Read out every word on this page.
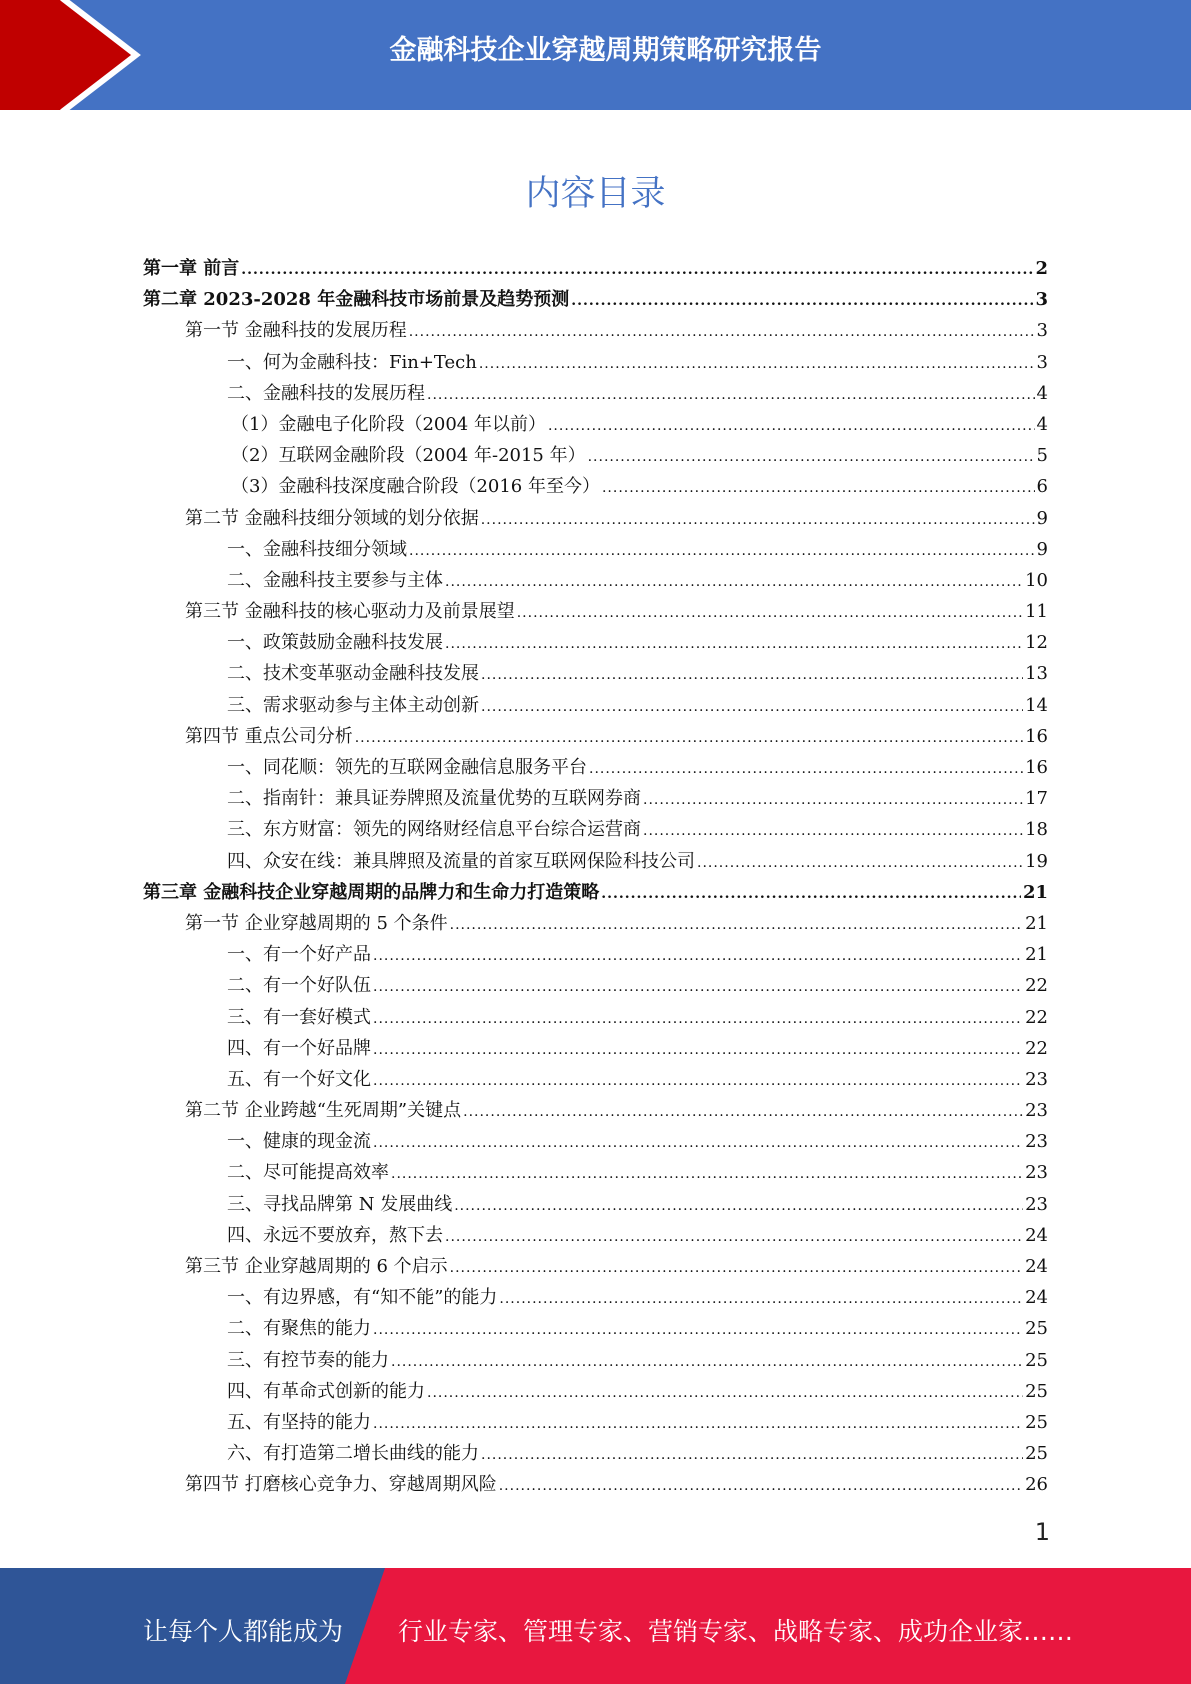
金融科技企业穿越周期策略研究报告
内容目录
第一章 前言 .....	2
第二章 2023-2028 年金融科技市场前景及趋势预测 .....	3
第一节 金融科技的发展历程 .....	3
一、何为金融科技：Fin+Tech .....	3
二、金融科技的发展历程 .....	4
（1）金融电子化阶段（2004 年以前） .....	4
（2）互联网金融阶段（2004 年-2015 年） .....	5
（3）金融科技深度融合阶段（2016 年至今） .....	6
第二节 金融科技细分领域的划分依据 .....	9
一、金融科技细分领域 .....	9
二、金融科技主要参与主体 .....	10
第三节 金融科技的核心驱动力及前景展望 .....	11
一、政策鼓励金融科技发展 .....	12
二、技术变革驱动金融科技发展 .....	13
三、需求驱动参与主体主动创新 .....	14
第四节 重点公司分析 .....	16
一、同花顺：领先的互联网金融信息服务平台 .....	16
二、指南针：兼具证券牌照及流量优势的互联网券商 .....	17
三、东方财富：领先的网络财经信息平台综合运营商 .....	18
四、众安在线：兼具牌照及流量的首家互联网保险科技公司 .....	19
第三章 金融科技企业穿越周期的品牌力和生命力打造策略 .....	21
第一节 企业穿越周期的 5 个条件 .....	21
一、有一个好产品 .....	21
二、有一个好队伍 .....	22
三、有一套好模式 .....	22
四、有一个好品牌 .....	22
五、有一个好文化 .....	23
第二节 企业跨越“生死周期”关键点 .....	23
一、健康的现金流 .....	23
二、尽可能提高效率 .....	23
三、寻找品牌第 N 发展曲线 .....	23
四、永远不要放弃，熬下去 .....	24
第三节 企业穿越周期的 6 个启示 .....	24
一、有边界感，有“知不能”的能力 .....	24
二、有聚焦的能力 .....	25
三、有控节奏的能力 .....	25
四、有革命式创新的能力 .....	25
五、有坚持的能力 .....	25
六、有打造第二增长曲线的能力 .....	25
第四节 打磨核心竞争力、穿越周期风险 .....	26
1
让每个人都能成为 行业专家、管理专家、营销专家、战略专家、成功企业家……
